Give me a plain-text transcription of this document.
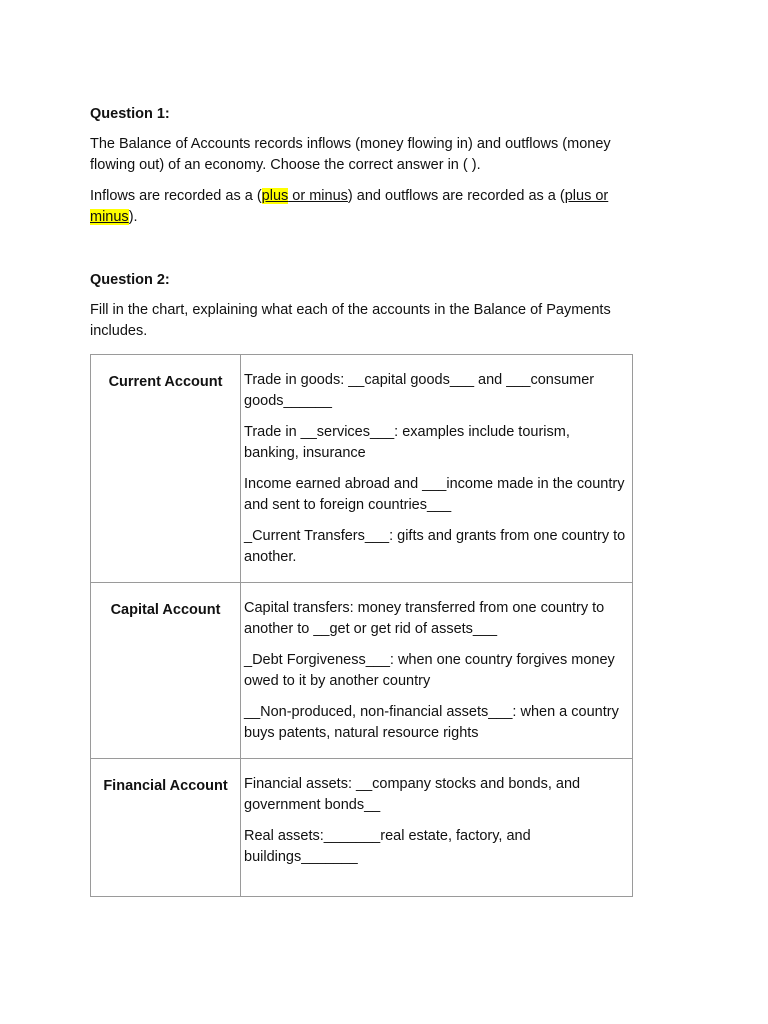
Question 1:

The Balance of Accounts records inflows (money flowing in) and outflows (money flowing out) of an economy. Choose the correct answer in ( ).

Inflows are recorded as a (plus or minus) and outflows are recorded as a (plus or minus).

Question 2:

Fill in the chart, explaining what each of the accounts in the Balance of Payments includes.

Current Account	Trade in goods: __capital goods___ and ___consumer goods______

Trade in __services___: examples include tourism, banking, insurance

Income earned abroad and ___income made in the country and sent to foreign countries___

_Current Transfers___: gifts and grants from one country to another.

Capital Account	Capital transfers: money transferred from one country to another to __get or get rid of assets___

_Debt Forgiveness___: when one country forgives money owed to it by another country

__Non-produced, non-financial assets___: when a country buys patents, natural resource rights

Financial Account	Financial assets: __company stocks and bonds, and government bonds__

Real assets:_______real estate, factory, and buildings_______
